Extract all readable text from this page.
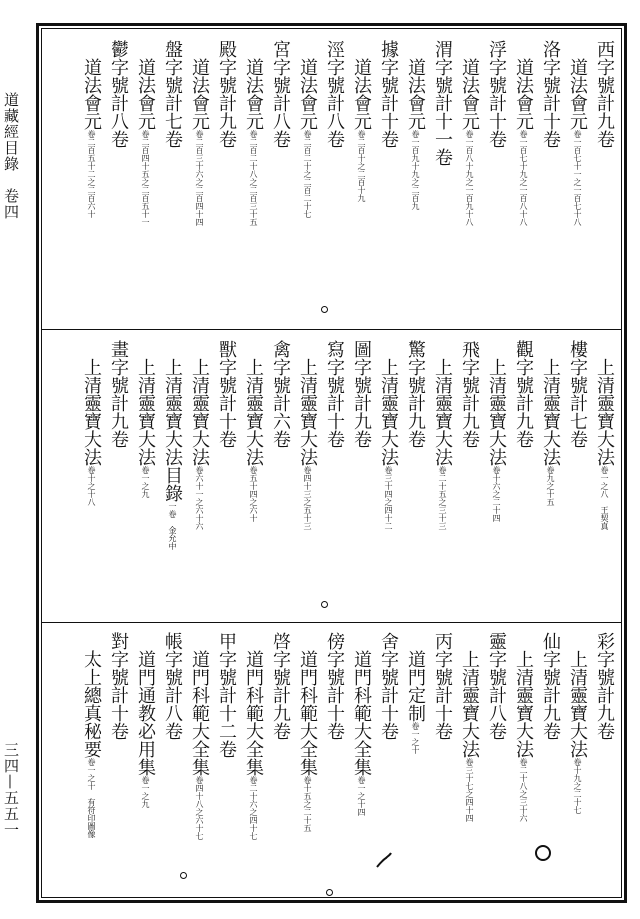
道藏經目錄　卷四
三四—五五一
西字號計九卷
道法會元卷一百七十一之一百七十八
洛字號計十卷
道法會元卷一百七十九之一百八十八
浮字號計十卷
道法會元卷一百八十九之一百九十八
渭字號計十一卷
道法會元卷一百九十九之二百九
據字號計十卷
道法會元卷二百十之二百十九
涇字號計八卷
道法會元卷二百二十之二百二十七
宮字號計八卷
道法會元卷二百二十八之二百三十五
殿字號計九卷
道法會元卷二百三十六之二百四十四
盤字號計七卷
道法會元卷二百四十五之二百五十一
鬱字號計八卷
道法會元卷二百五十二之二百六十
上清靈寶大法卷一之八　王契真
樓字號計七卷
上清靈寶大法卷九之十五
觀字號計九卷
上清靈寶大法卷十六之二十四
飛字號計九卷
上清靈寶大法卷二十五之三十三
驚字號計九卷
上清靈寶大法卷三十四之四十二
圖字號計九卷
寫字號計十卷
上清靈寶大法卷四十三之五十三
禽字號計六卷
上清靈寶大法卷五十四之六十
獸字號計十卷
上清靈寶大法卷六十一之六十六
上清靈寶大法目錄一卷　金允中
上清靈寶大法卷一之九
畫字號計九卷
上清靈寶大法卷十之十八
彩字號計九卷
上清靈寶大法卷十九之二十七
仙字號計九卷
上清靈寶大法卷二十八之三十六
靈字號計八卷
上清靈寶大法卷三十七之四十四
丙字號計十卷
道門定制卷一之十
舍字號計十卷
道門科範大全集卷一之十四
傍字號計十卷
道門科範大全集卷十五之二十五
啓字號計九卷
道門科範大全集卷二十六之四十七
甲字號計十二卷
道門科範大全集卷四十八之六十七
帳字號計八卷
道門通教必用集卷一之九
對字號計十卷
太上總真秘要卷一之十　有符印圖像
